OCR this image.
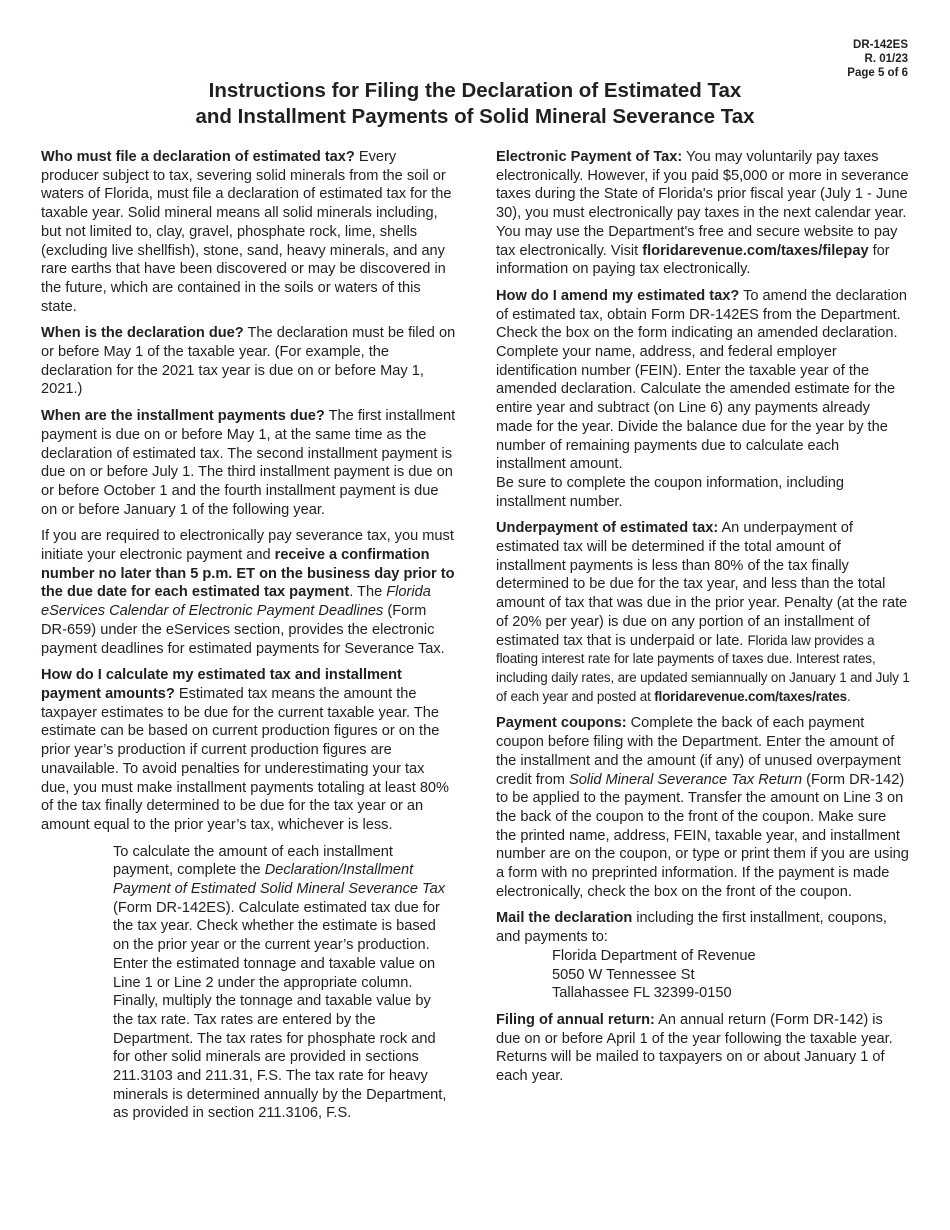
DR-142ES
R. 01/23
Page 5 of 6
Instructions for Filing the Declaration of Estimated Tax
and Installment Payments of Solid Mineral Severance Tax

Who must file a declaration of estimated tax? Every producer subject to tax, severing solid minerals from the soil or waters of Florida, must file a declaration of estimated tax for the taxable year. Solid mineral means all solid minerals including, but not limited to, clay, gravel, phosphate rock, lime, shells (excluding live shellfish), stone, sand, heavy minerals, and any rare earths that have been discovered or may be discovered in the future, which are contained in the soils or waters of this state.

When is the declaration due? The declaration must be filed on or before May 1 of the taxable year. (For example, the declaration for the 2021 tax year is due on or before May 1, 2021.)

When are the installment payments due? The first installment payment is due on or before May 1, at the same time as the declaration of estimated tax. The second installment payment is due on or before July 1. The third installment payment is due on or before October 1 and the fourth installment payment is due on or before January 1 of the following year.

If you are required to electronically pay severance tax, you must initiate your electronic payment and receive a confirmation number no later than 5 p.m. ET on the business day prior to the due date for each estimated tax payment. The Florida eServices Calendar of Electronic Payment Deadlines (Form DR-659) under the eServices section, provides the electronic payment deadlines for estimated payments for Severance Tax.

How do I calculate my estimated tax and installment payment amounts? Estimated tax means the amount the taxpayer estimates to be due for the current taxable year. The estimate can be based on current production figures or on the prior year’s production if current production figures are unavailable. To avoid penalties for underestimating your tax due, you must make installment payments totaling at least 80% of the tax finally determined to be due for the tax year or an amount equal to the prior year’s tax, whichever is less.

To calculate the amount of each installment payment, complete the Declaration/Installment Payment of Estimated Solid Mineral Severance Tax (Form DR-142ES). Calculate estimated tax due for the tax year. Check whether the estimate is based on the prior year or the current year’s production. Enter the estimated tonnage and taxable value on Line 1 or Line 2 under the appropriate column. Finally, multiply the tonnage and taxable value by the tax rate. Tax rates are entered by the Department. The tax rates for phosphate rock and for other solid minerals are provided in sections 211.3103 and 211.31, F.S. The tax rate for heavy minerals is determined annually by the Department, as provided in section 211.3106, F.S.

Electronic Payment of Tax: You may voluntarily pay taxes electronically. However, if you paid $5,000 or more in severance taxes during the State of Florida's prior fiscal year (July 1 - June 30), you must electronically pay taxes in the next calendar year. You may use the Department's free and secure website to pay tax electronically. Visit floridarevenue.com/taxes/filepay for information on paying tax electronically.

How do I amend my estimated tax? To amend the declaration of estimated tax, obtain Form DR-142ES from the Department. Check the box on the form indicating an amended declaration. Complete your name, address, and federal employer identification number (FEIN). Enter the taxable year of the amended declaration. Calculate the amended estimate for the entire year and subtract (on Line 6) any payments already made for the year. Divide the balance due for the year by the number of remaining payments due to calculate each installment amount.
Be sure to complete the coupon information, including installment number.

Underpayment of estimated tax: An underpayment of estimated tax will be determined if the total amount of installment payments is less than 80% of the tax finally determined to be due for the tax year, and less than the total amount of tax that was due in the prior year. Penalty (at the rate of 20% per year) is due on any portion of an installment of estimated tax that is underpaid or late. Florida law provides a floating interest rate for late payments of taxes due. Interest rates, including daily rates, are updated semiannually on January 1 and July 1 of each year and posted at floridarevenue.com/taxes/rates.

Payment coupons: Complete the back of each payment coupon before filing with the Department. Enter the amount of the installment and the amount (if any) of unused overpayment credit from Solid Mineral Severance Tax Return (Form DR-142) to be applied to the payment. Transfer the amount on Line 3 on the back of the coupon to the front of the coupon. Make sure the printed name, address, FEIN, taxable year, and installment number are on the coupon, or type or print them if you are using a form with no preprinted information. If the payment is made electronically, check the box on the front of the coupon.

Mail the declaration including the first installment, coupons, and payments to:
Florida Department of Revenue
5050 W Tennessee St
Tallahassee FL 32399-0150

Filing of annual return: An annual return (Form DR-142) is due on or before April 1 of the year following the taxable year. Returns will be mailed to taxpayers on or about January 1 of each year.
